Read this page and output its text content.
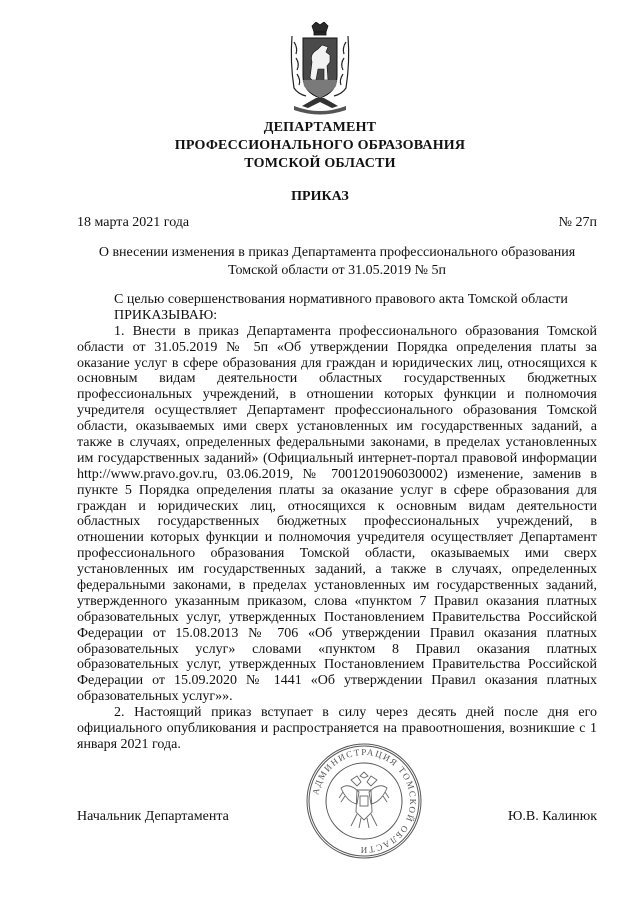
ДЕПАРТАМЕНТ
ПРОФЕССИОНАЛЬНОГО ОБРАЗОВАНИЯ
ТОМСКОЙ ОБЛАСТИ
ПРИКАЗ
18 марта 2021 года	№ 27п
О внесении изменения в приказ Департамента профессионального образования
Томской области от 31.05.2019 № 5п
С целью совершенствования нормативного правового акта Томской области
ПРИКАЗЫВАЮ:
1. Внести в приказ Департамента профессионального образования Томской
области от 31.05.2019 № 5п «Об утверждении Порядка определения платы за
оказание услуг в сфере образования для граждан и юридических лиц, относящихся к
основным видам деятельности областных государственных бюджетных
профессиональных учреждений, в отношении которых функции и полномочия
учредителя осуществляет Департамент профессионального образования Томской
области, оказываемых ими сверх установленных им государственных заданий, а
также в случаях, определенных федеральными законами, в пределах установленных
им государственных заданий» (Официальный интернет-портал правовой информации
http://www.pravo.gov.ru, 03.06.2019, № 7001201906030002) изменение, заменив в
пункте 5 Порядка определения платы за оказание услуг в сфере образования для
граждан и юридических лиц, относящихся к основным видам деятельности
областных государственных бюджетных профессиональных учреждений, в
отношении которых функции и полномочия учредителя осуществляет Департамент
профессионального образования Томской области, оказываемых ими сверх
установленных им государственных заданий, а также в случаях, определенных
федеральными законами, в пределах установленных им государственных заданий,
утвержденного указанным приказом, слова «пунктом 7 Правил оказания платных
образовательных услуг, утвержденных Постановлением Правительства Российской
Федерации от 15.08.2013 № 706 «Об утверждении Правил оказания платных
образовательных услуг» словами «пунктом 8 Правил оказания платных
образовательных услуг, утвержденных Постановлением Правительства Российской
Федерации от 15.09.2020 № 1441 «Об утверждении Правил оказания платных
образовательных услуг»».
2. Настоящий приказ вступает в силу через десять дней после дня его
официального опубликования и распространяется на правоотношения, возникшие с 1
января 2021 года.
Начальник Департамента	Ю.В. Калинюк
АДМИНИСТРАЦИЯ ТОМСКОЙ ОБЛАСТИ
